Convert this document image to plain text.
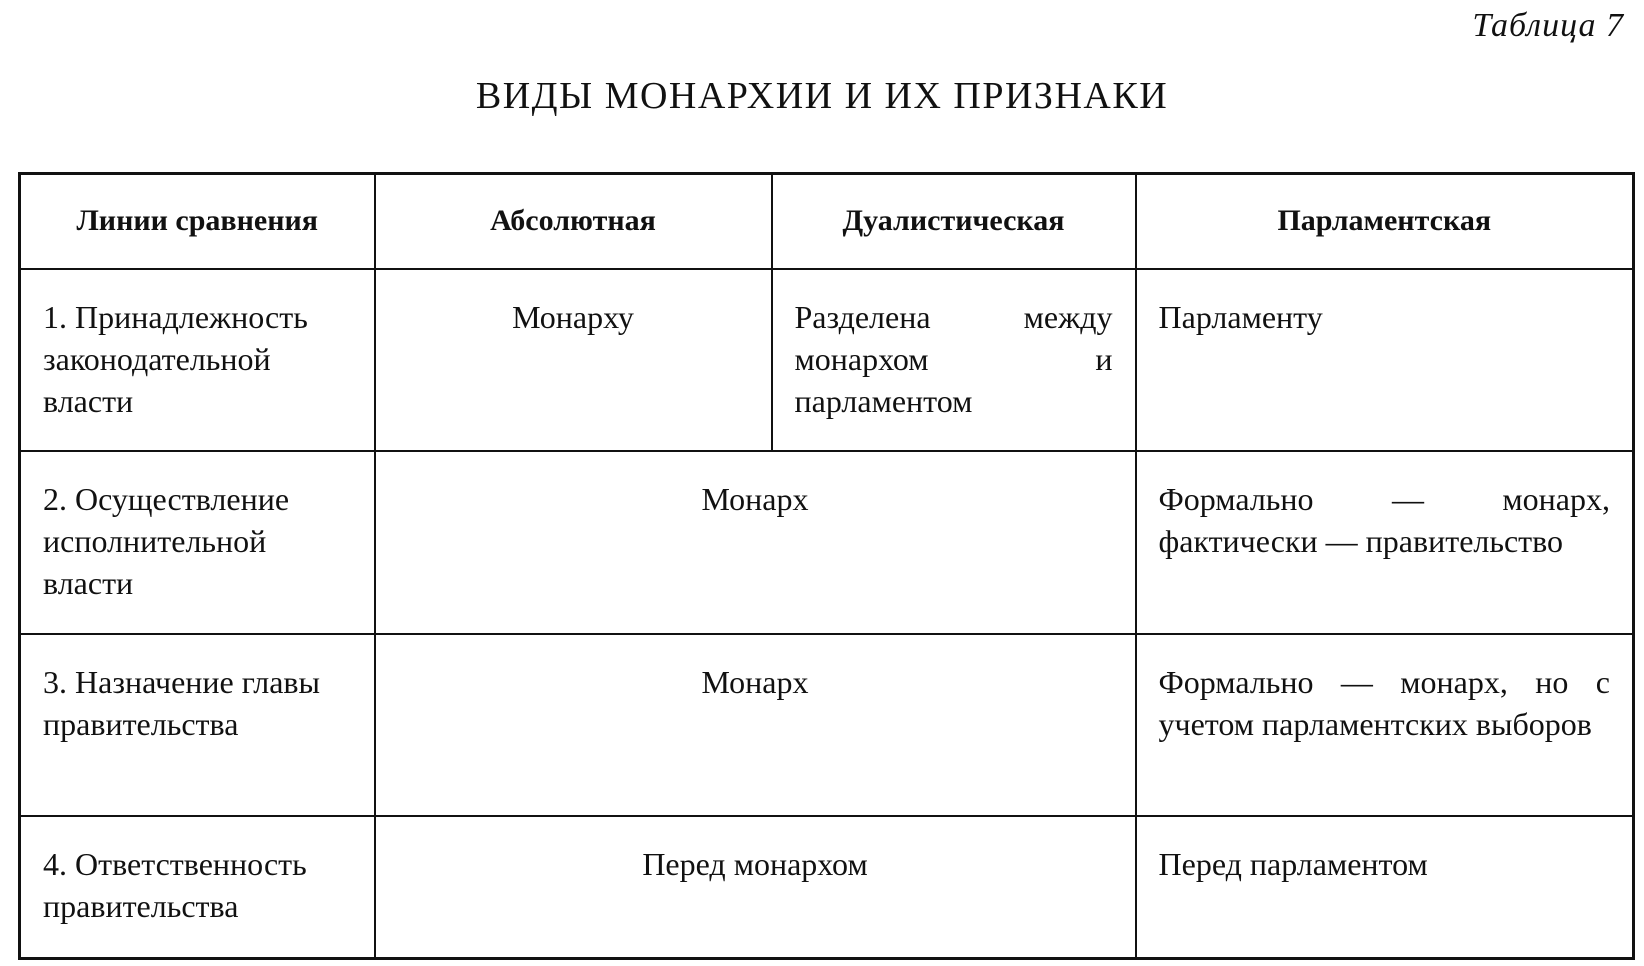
Таблица 7
ВИДЫ МОНАРХИИ И ИХ ПРИЗНАКИ
Линии сравнения	Абсолютная	Дуалистическая	Парламентская
1. Принадлежность законодательной власти	Монарху	Разделена между монархом и парламентом	Парламенту
2. Осуществление исполнительной власти	Монарх		Формально — монарх, фактически — правительство
3. Назначение главы правительства	Монарх		Формально — монарх, но с учетом парламентских выборов
4. Ответственность правительства	Перед монархом		Перед парламентом
